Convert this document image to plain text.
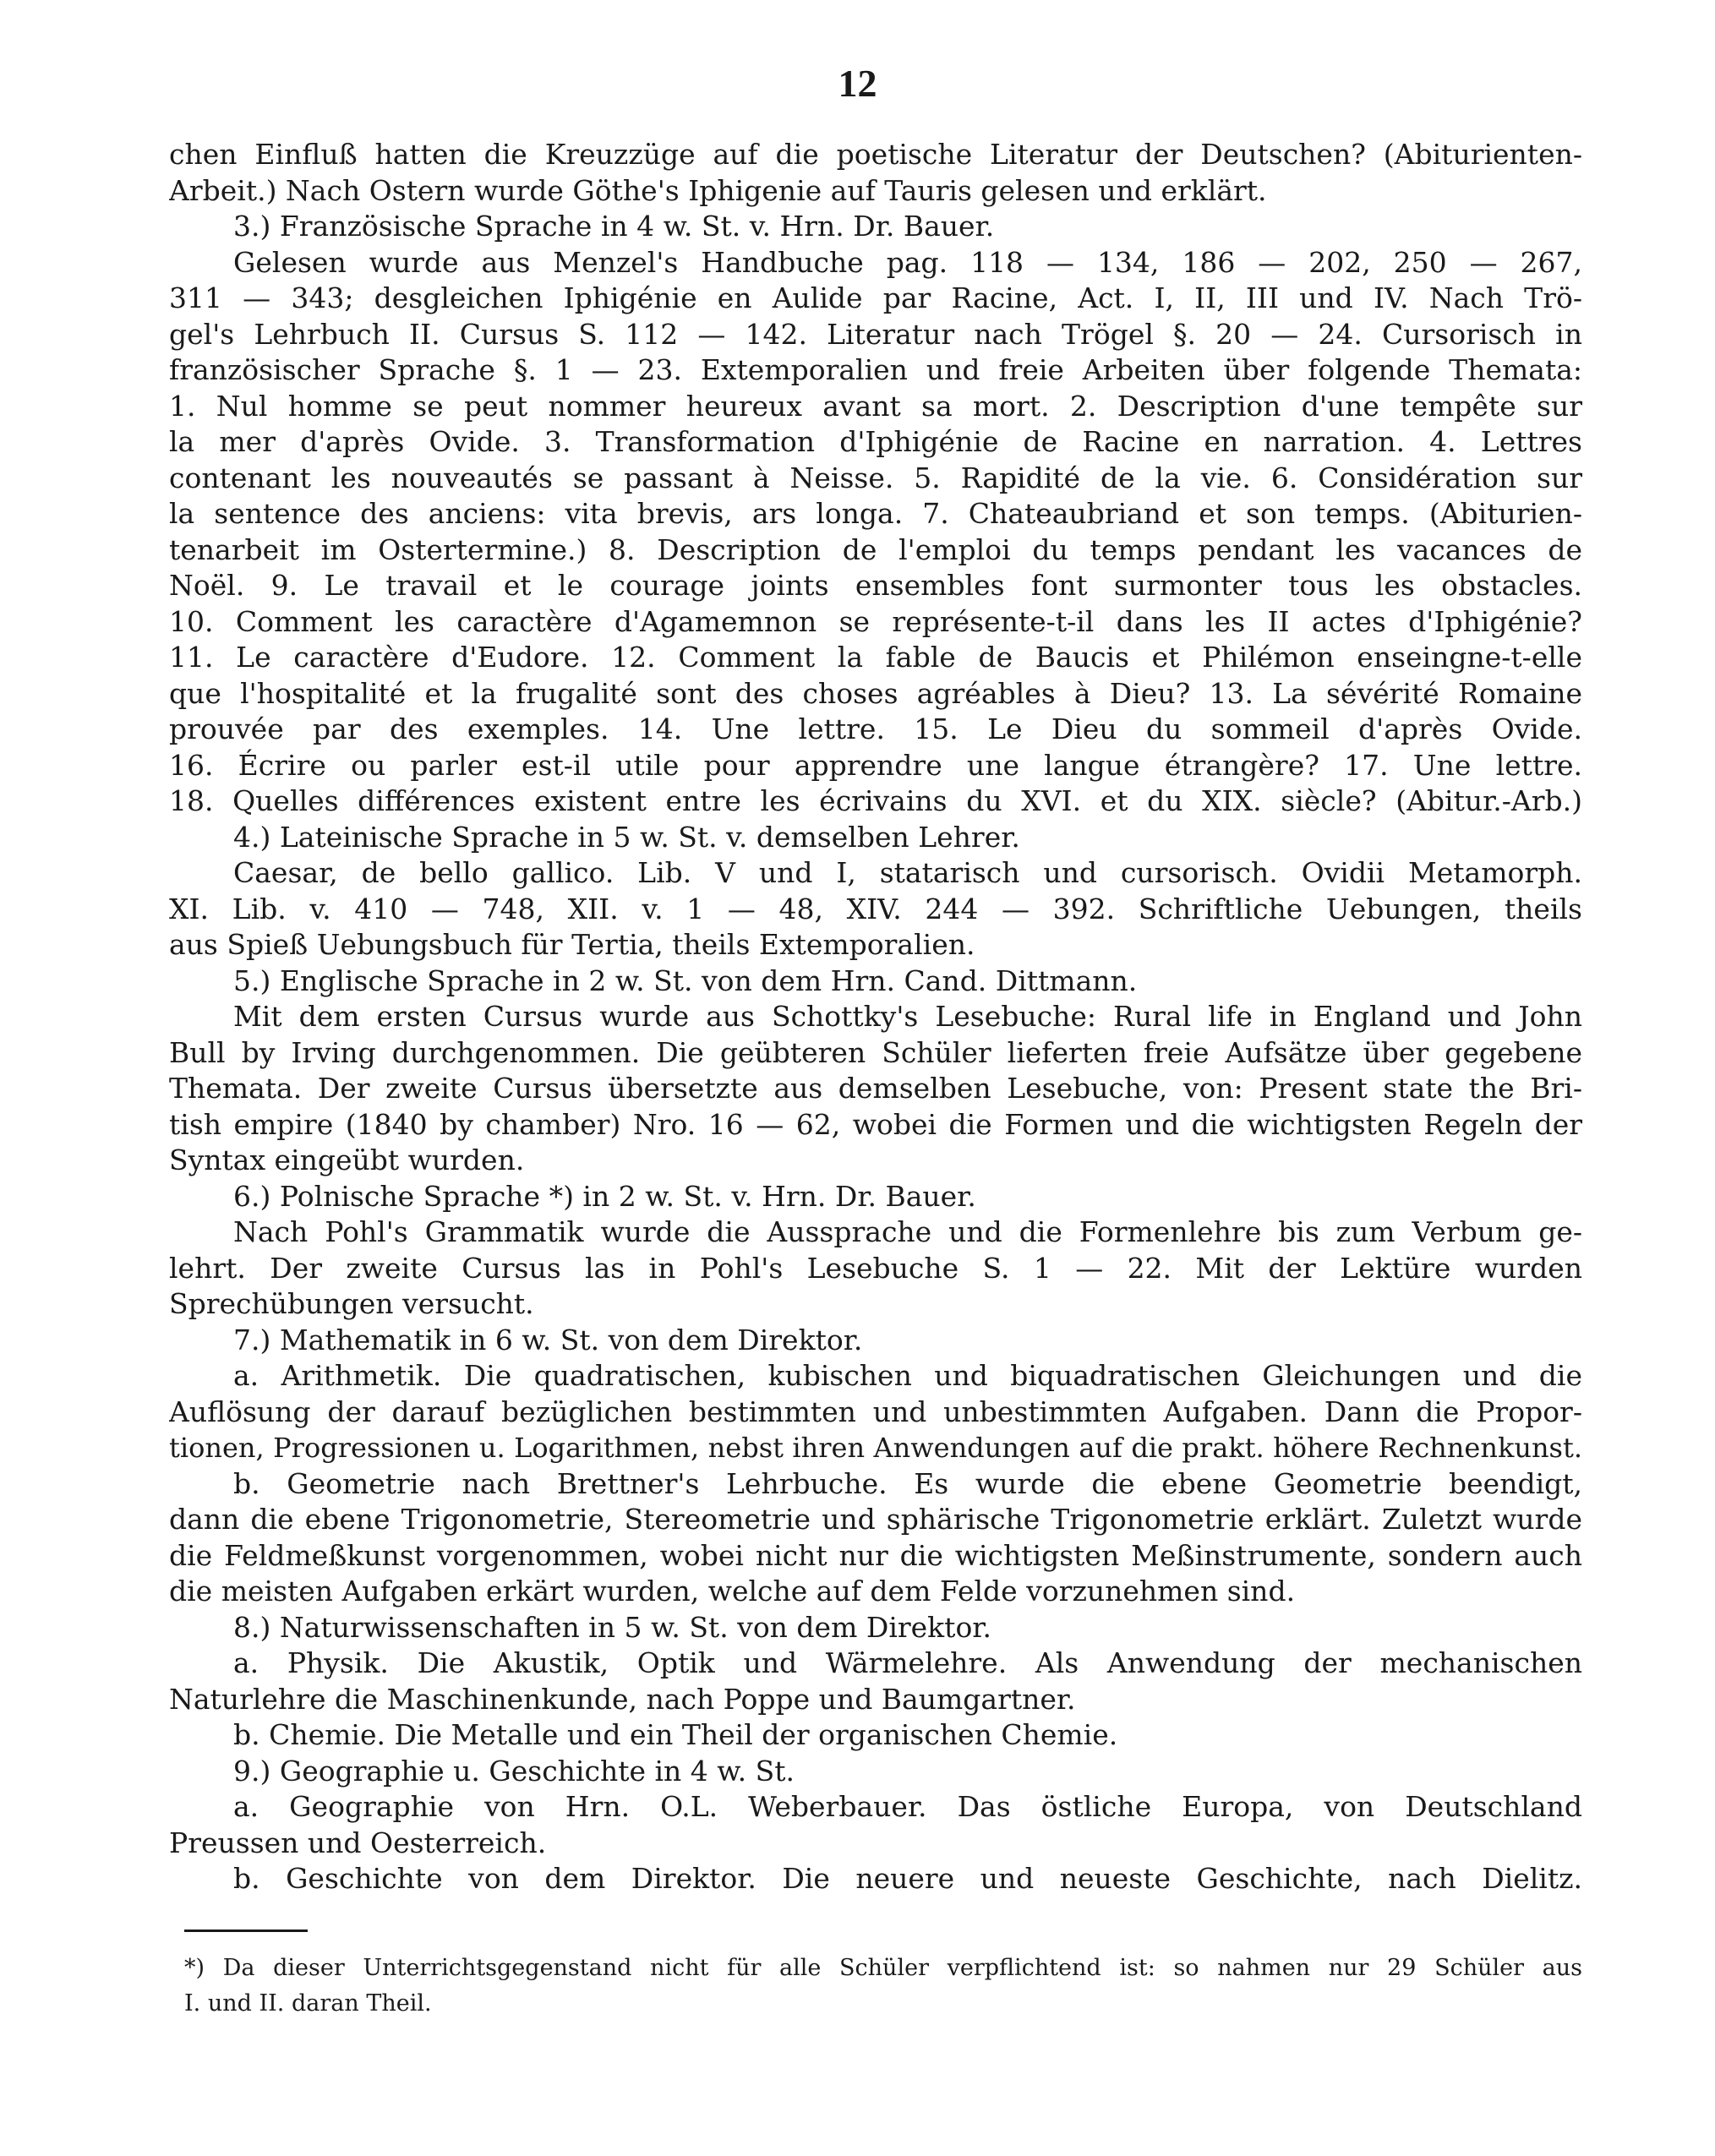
12
chen Einfluß hatten die Kreuzzüge auf die poetische Literatur der Deutschen? (Abiturienten-
Arbeit.) Nach Ostern wurde Göthe's Iphigenie auf Tauris gelesen und erklärt.
3.) Französische Sprache in 4 w. St. v. Hrn. Dr. Bauer.
Gelesen wurde aus Menzel's Handbuche pag. 118 — 134, 186 — 202, 250 — 267,
311 — 343; desgleichen Iphigénie en Aulide par Racine, Act. I, II, III und IV. Nach Trö-
gel's Lehrbuch II. Cursus S. 112 — 142. Literatur nach Trögel §. 20 — 24. Cursorisch in
französischer Sprache §. 1 — 23. Extemporalien und freie Arbeiten über folgende Themata:
1. Nul homme se peut nommer heureux avant sa mort. 2. Description d'une tempête sur
la mer d'après Ovide. 3. Transformation d'Iphigénie de Racine en narration. 4. Lettres
contenant les nouveautés se passant à Neisse. 5. Rapidité de la vie. 6. Considération sur
la sentence des anciens: vita brevis, ars longa. 7. Chateaubriand et son temps. (Abiturien-
tenarbeit im Ostertermine.) 8. Description de l'emploi du temps pendant les vacances de
Noël. 9. Le travail et le courage joints ensembles font surmonter tous les obstacles.
10. Comment les caractère d'Agamemnon se représente-t-il dans les II actes d'Iphigénie?
11. Le caractère d'Eudore. 12. Comment la fable de Baucis et Philémon enseingne-t-elle
que l'hospitalité et la frugalité sont des choses agréables à Dieu? 13. La sévérité Romaine
prouvée par des exemples. 14. Une lettre. 15. Le Dieu du sommeil d'après Ovide.
16. Écrire ou parler est-il utile pour apprendre une langue étrangère? 17. Une lettre.
18. Quelles différences existent entre les écrivains du XVI. et du XIX. siècle? (Abitur.-Arb.)
4.) Lateinische Sprache in 5 w. St. v. demselben Lehrer.
Caesar, de bello gallico. Lib. V und I, statarisch und cursorisch. Ovidii Metamorph.
XI. Lib. v. 410 — 748, XII. v. 1 — 48, XIV. 244 — 392. Schriftliche Uebungen, theils
aus Spieß Uebungsbuch für Tertia, theils Extemporalien.
5.) Englische Sprache in 2 w. St. von dem Hrn. Cand. Dittmann.
Mit dem ersten Cursus wurde aus Schottky's Lesebuche: Rural life in England und John
Bull by Irving durchgenommen. Die geübteren Schüler lieferten freie Aufsätze über gegebene
Themata. Der zweite Cursus übersetzte aus demselben Lesebuche, von: Present state the Bri-
tish empire (1840 by chamber) Nro. 16 — 62, wobei die Formen und die wichtigsten Regeln der
Syntax eingeübt wurden.
6.) Polnische Sprache *) in 2 w. St. v. Hrn. Dr. Bauer.
Nach Pohl's Grammatik wurde die Aussprache und die Formenlehre bis zum Verbum ge-
lehrt. Der zweite Cursus las in Pohl's Lesebuche S. 1 — 22. Mit der Lektüre wurden
Sprechübungen versucht.
7.) Mathematik in 6 w. St. von dem Direktor.
a. Arithmetik. Die quadratischen, kubischen und biquadratischen Gleichungen und die
Auflösung der darauf bezüglichen bestimmten und unbestimmten Aufgaben. Dann die Propor-
tionen, Progressionen u. Logarithmen, nebst ihren Anwendungen auf die prakt. höhere Rechnenkunst.
b. Geometrie nach Brettner's Lehrbuche. Es wurde die ebene Geometrie beendigt,
dann die ebene Trigonometrie, Stereometrie und sphärische Trigonometrie erklärt. Zuletzt wurde
die Feldmeßkunst vorgenommen, wobei nicht nur die wichtigsten Meßinstrumente, sondern auch
die meisten Aufgaben erkärt wurden, welche auf dem Felde vorzunehmen sind.
8.) Naturwissenschaften in 5 w. St. von dem Direktor.
a. Physik. Die Akustik, Optik und Wärmelehre. Als Anwendung der mechanischen
Naturlehre die Maschinenkunde, nach Poppe und Baumgartner.
b. Chemie. Die Metalle und ein Theil der organischen Chemie.
9.) Geographie u. Geschichte in 4 w. St.
a. Geographie von Hrn. O.L. Weberbauer. Das östliche Europa, von Deutschland
Preussen und Oesterreich.
b. Geschichte von dem Direktor. Die neuere und neueste Geschichte, nach Dielitz.
*) Da dieser Unterrichtsgegenstand nicht für alle Schüler verpflichtend ist: so nahmen nur 29 Schüler aus
I. und II. daran Theil.
